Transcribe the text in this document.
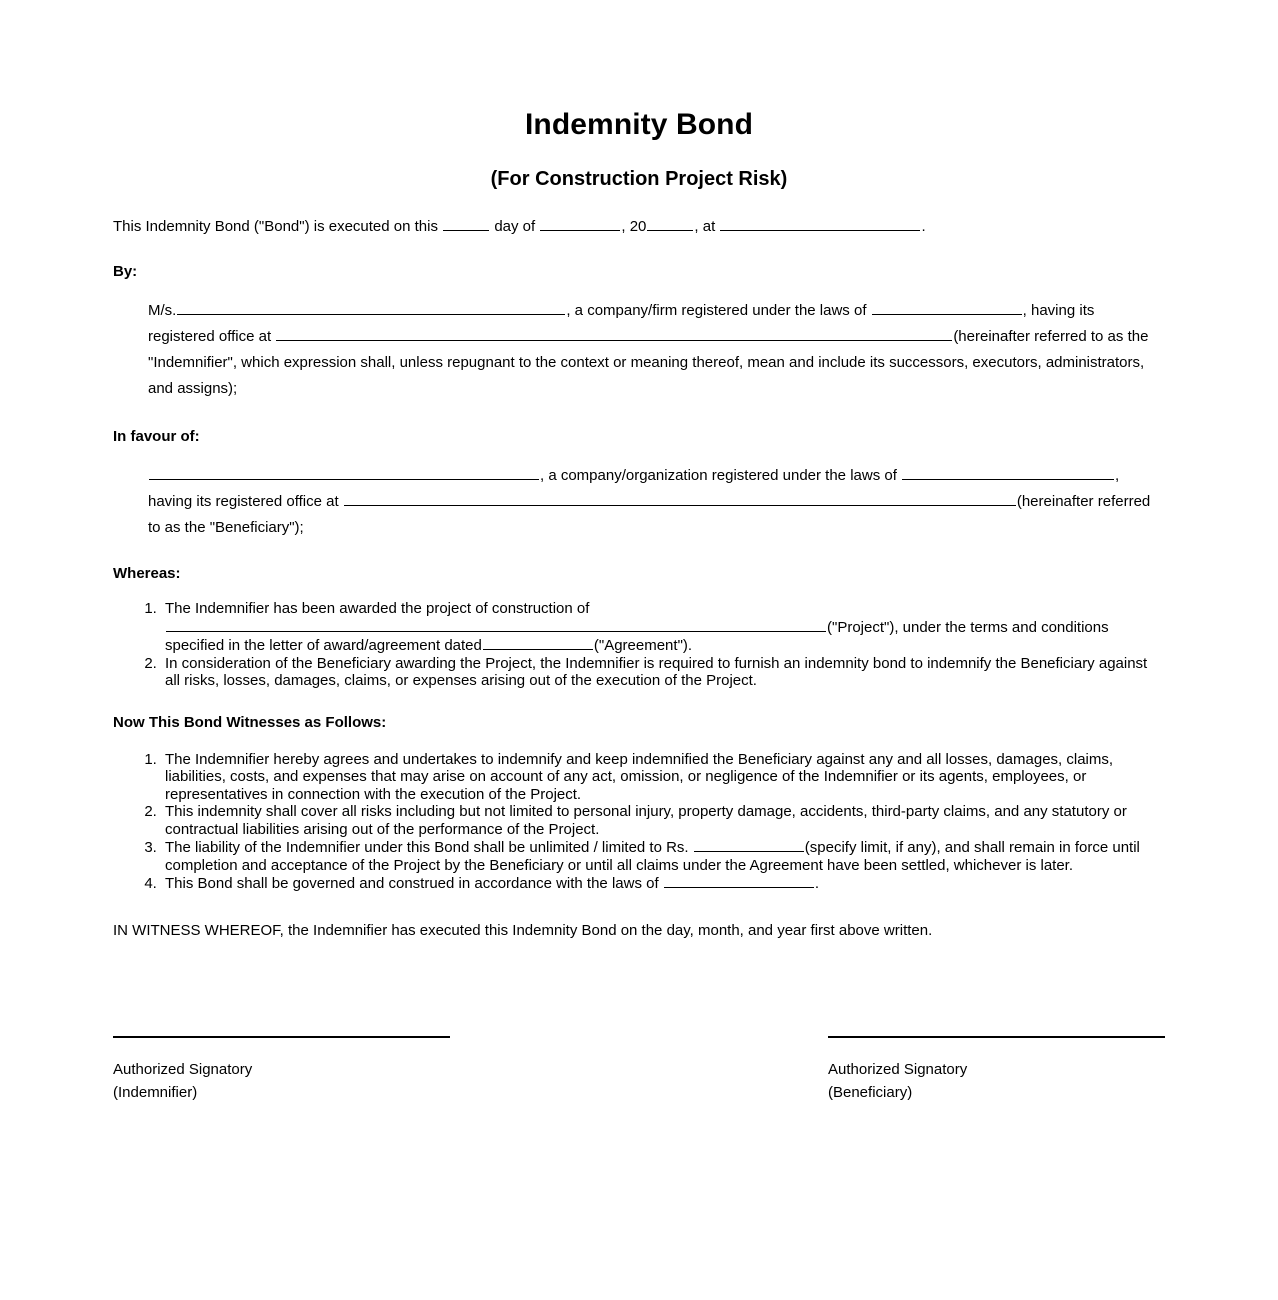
Indemnity Bond
(For Construction Project Risk)

This Indemnity Bond ("Bond") is executed on this	day of	, 20	, at	.

By:
M/s.	, a company/firm registered under the laws of	, having its registered office at	(hereinafter referred to as the "Indemnifier", which expression shall, unless repugnant to the context or meaning thereof, mean and include its successors, executors, administrators, and assigns);
In favour of:
, a company/organization registered under the laws of	, having its registered office at	(hereinafter referred to as the "Beneficiary");
Whereas:
1. The Indemnifier has been awarded the project of construction of
("Project"), under the terms and conditions
specified in the letter of award/agreement dated	("Agreement").
2. In consideration of the Beneficiary awarding the Project, the Indemnifier is required to furnish an indemnity bond to indemnify the Beneficiary against all risks, losses, damages, claims, or expenses arising out of the execution of the Project.
Now This Bond Witnesses as Follows:
1. The Indemnifier hereby agrees and undertakes to indemnify and keep indemnified the Beneficiary against any and all losses, damages, claims, liabilities, costs, and expenses that may arise on account of any act, omission, or negligence of the Indemnifier or its agents, employees, or representatives in connection with the execution of the Project.
2. This indemnity shall cover all risks including but not limited to personal injury, property damage, accidents, third-party claims, and any statutory or contractual liabilities arising out of the performance of the Project.
3. The liability of the Indemnifier under this Bond shall be unlimited / limited to Rs.	(specify limit, if any), and shall remain in force until completion and acceptance of the Project by the Beneficiary or until all claims under the Agreement have been settled, whichever is later.
4. This Bond shall be governed and construed in accordance with the laws of	.

IN WITNESS WHEREOF, the Indemnifier has executed this Indemnity Bond on the day, month, and year first above written.

Authorized Signatory
(Indemnifier)
Authorized Signatory
(Beneficiary)
